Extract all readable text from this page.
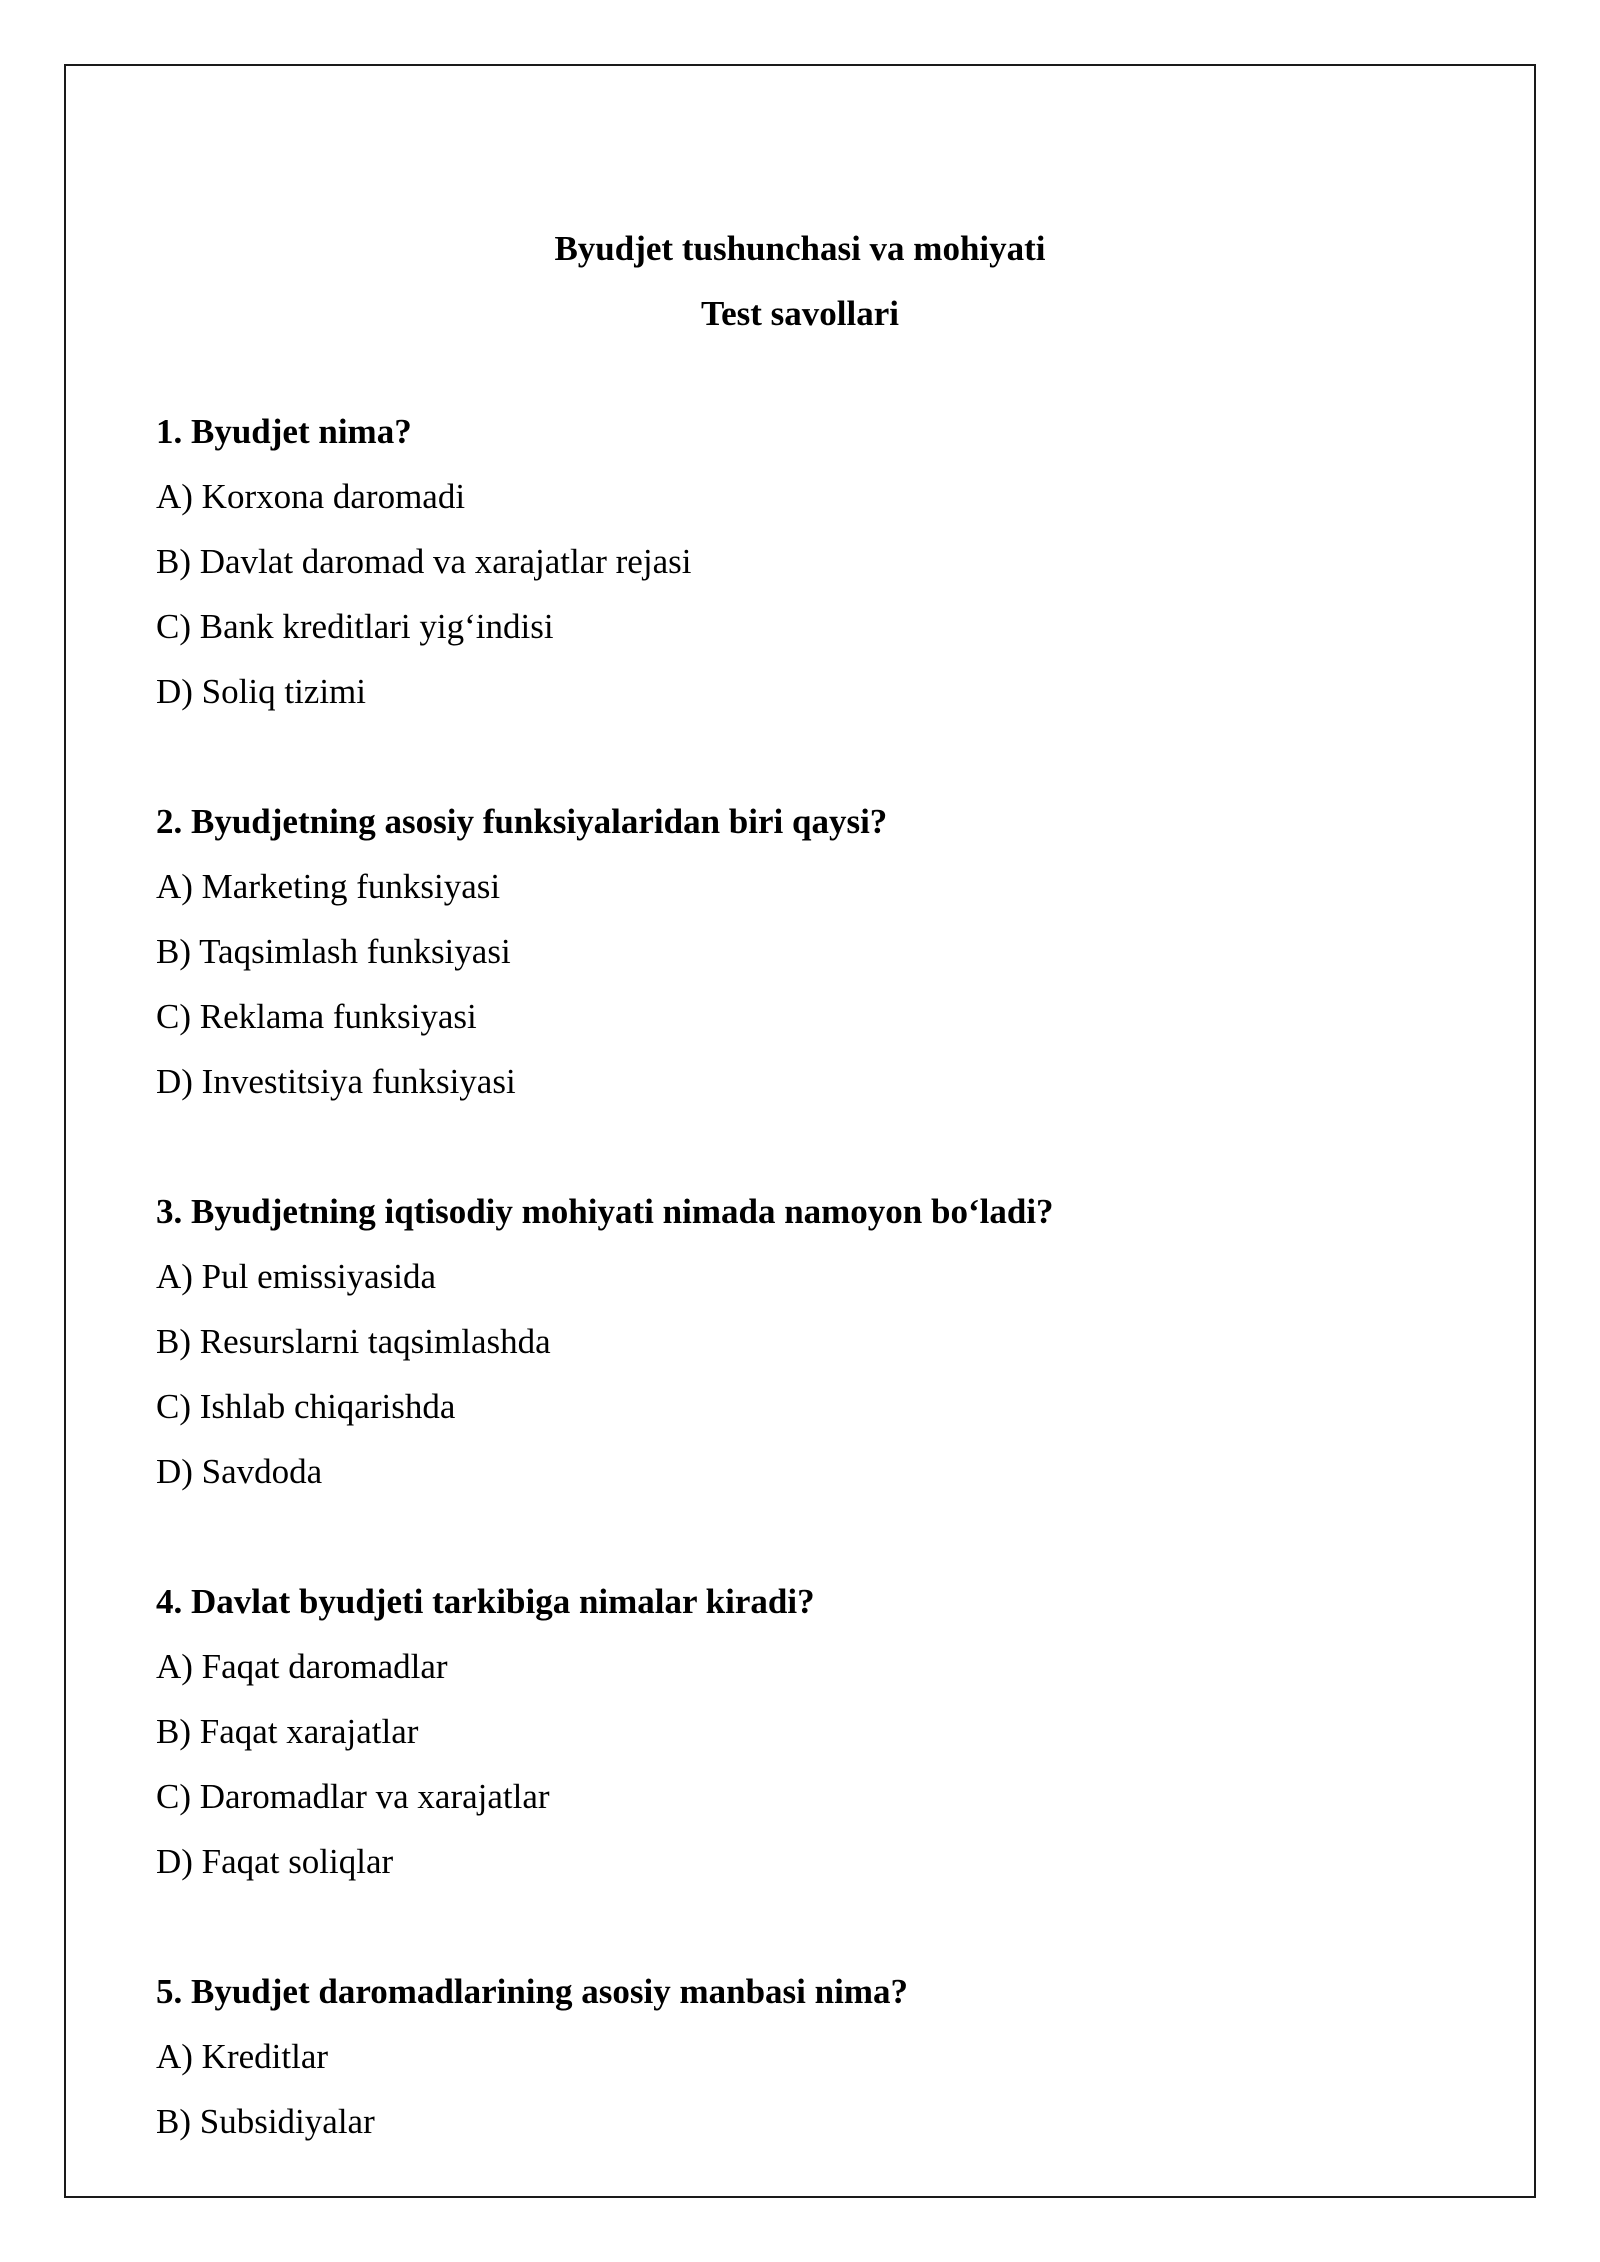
Byudjet tushunchasi va mohiyati

Test savollari

1. Byudjet nima?

A) Korxona daromadi

B) Davlat daromad va xarajatlar rejasi

C) Bank kreditlari yig‘indisi

D) Soliq tizimi

2. Byudjetning asosiy funksiyalaridan biri qaysi?

A) Marketing funksiyasi

B) Taqsimlash funksiyasi

C) Reklama funksiyasi

D) Investitsiya funksiyasi

3. Byudjetning iqtisodiy mohiyati nimada namoyon bo‘ladi?

A) Pul emissiyasida

B) Resurslarni taqsimlashda

C) Ishlab chiqarishda

D) Savdoda

4. Davlat byudjeti tarkibiga nimalar kiradi?

A) Faqat daromadlar

B) Faqat xarajatlar

C) Daromadlar va xarajatlar

D) Faqat soliqlar

5. Byudjet daromadlarining asosiy manbasi nima?

A) Kreditlar

B) Subsidiyalar
